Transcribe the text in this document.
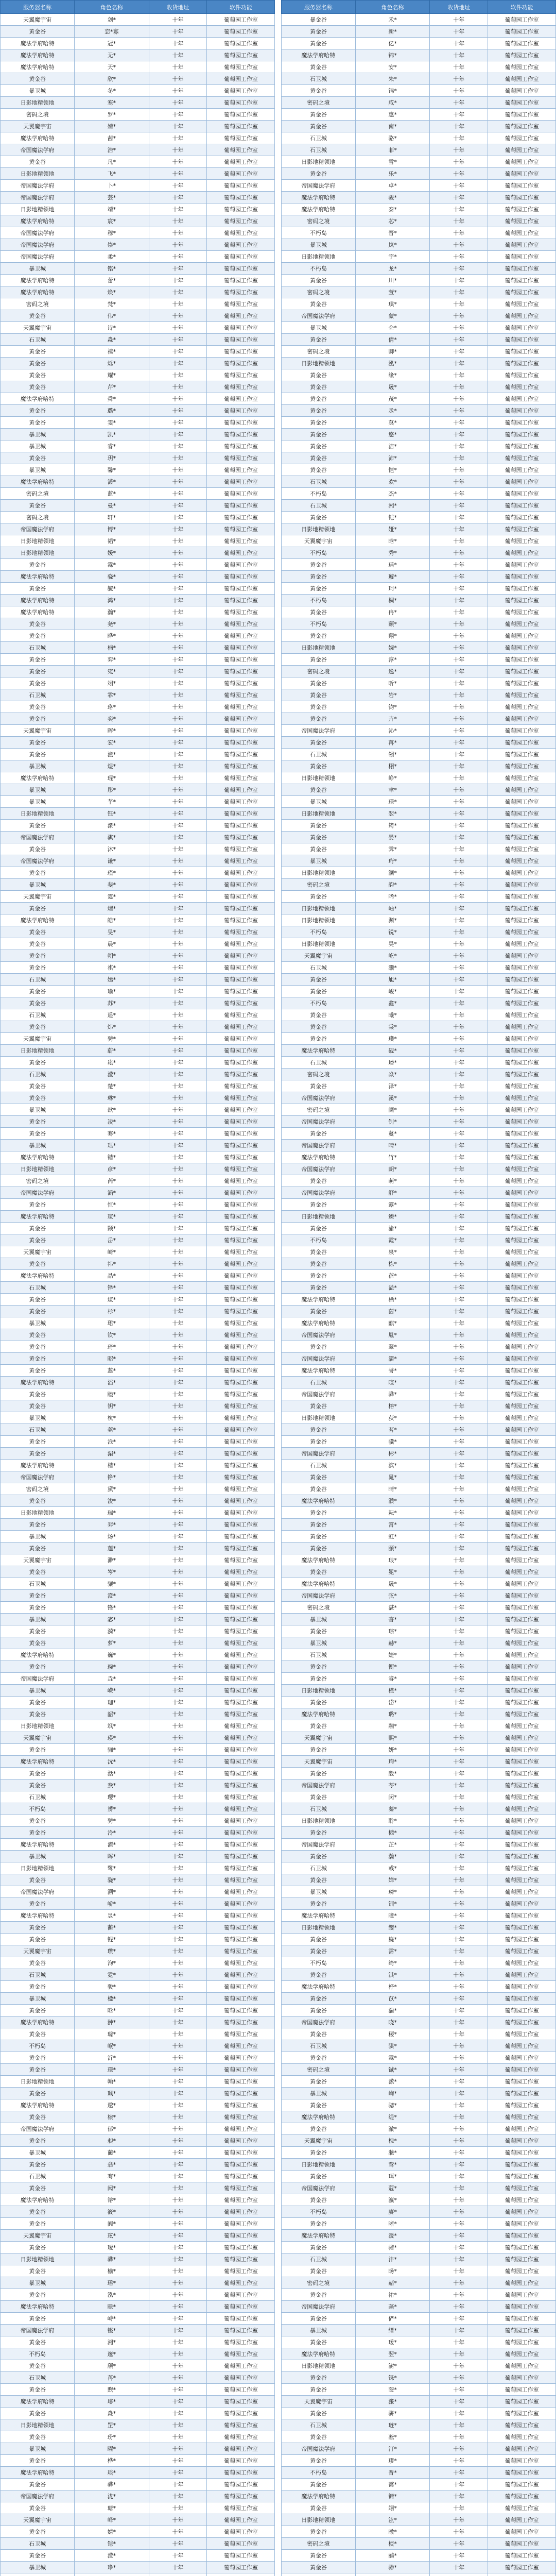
服务器名称	角色名称	收货地址	软件功能		服务器名称	角色名称	收货地址	软件功能
天翼魔宇宙	剑*	十年	葡萄园工作室		暴金谷	禾*	十年	葡萄园工作室
黄金谷	恋*寡	十年	葡萄园工作室		黄金谷	新*	十年	葡萄园工作室
魔法学府哈特	冠*	十年	葡萄园工作室		黄金谷	亿*	十年	葡萄园工作室
魔法学府哈特	无*	十年	葡萄园工作室		魔法学府哈特	锦*	十年	葡萄园工作室
魔法学府哈特	天*	十年	葡萄园工作室		黄金谷	安*	十年	葡萄园工作室
黄金谷	欣*	十年	葡萄园工作室		石卫城	朱*	十年	葡萄园工作室
暴卫城	冬*	十年	葡萄园工作室		黄金谷	锦*	十年	葡萄园工作室
日影地精领地	寒*	十年	葡萄园工作室		密码之境	咸*	十年	葡萄园工作室
密码之境	罗*	十年	葡萄园工作室		黄金谷	惠*	十年	葡萄园工作室
天翼魔宇宙	婧*	十年	葡萄园工作室		黄金谷	南*	十年	葡萄园工作室
魔法学府哈特	茜*	十年	葡萄园工作室		石卫城	骆*	十年	葡萄园工作室
帝国魔法学府	浩*	十年	葡萄园工作室		石卫城	菲*	十年	葡萄园工作室
黄金谷	凡*	十年	葡萄园工作室		日影地精领地	雪*	十年	葡萄园工作室
日影地精领地	飞*	十年	葡萄园工作室		黄金谷	乐*	十年	葡萄园工作室
帝国魔法学府	卜*	十年	葡萄园工作室		帝国魔法学府	卓*	十年	葡萄园工作室
帝国魔法学府	芸*	十年	葡萄园工作室		魔法学府哈特	骏*	十年	葡萄园工作室
日影地精领地	靖*	十年	葡萄园工作室		魔法学府哈特	泰*	十年	葡萄园工作室
魔法学府哈特	宸*	十年	葡萄园工作室		密码之境	芯*	十年	葡萄园工作室
帝国魔法学府	穆*	十年	葡萄园工作室		不朽岛	晋*	十年	葡萄园工作室
帝国魔法学府	崇*	十年	葡萄园工作室		暴卫城	岚*	十年	葡萄园工作室
帝国魔法学府	柔*	十年	葡萄园工作室		日影地精领地	宇*	十年	葡萄园工作室
暴卫城	铭*	十年	葡萄园工作室		不朽岛	龙*	十年	葡萄园工作室
魔法学府哈特	蕾*	十年	葡萄园工作室		黄金谷	川*	十年	葡萄园工作室
魔法学府哈特	焕*	十年	葡萄园工作室		密码之境	萱*	十年	葡萄园工作室
密码之境	梵*	十年	葡萄园工作室		黄金谷	琪*	十年	葡萄园工作室
黄金谷	伟*	十年	葡萄园工作室		帝国魔法学府	蒙*	十年	葡萄园工作室
天翼魔宇宙	诗*	十年	葡萄园工作室		暴卫城	仑*	十年	葡萄园工作室
石卫城	淼*	十年	葡萄园工作室		黄金谷	倩*	十年	葡萄园工作室
黄金谷	禧*	十年	葡萄园工作室		密码之境	卿*	十年	葡萄园工作室
黄金谷	烁*	十年	葡萄园工作室		日影地精领地	泓*	十年	葡萄园工作室
黄金谷	耀*	十年	葡萄园工作室		黄金谷	缘*	十年	葡萄园工作室
黄金谷	芹*	十年	葡萄园工作室		黄金谷	晟*	十年	葡萄园工作室
魔法学府哈特	舜*	十年	葡萄园工作室		黄金谷	茂*	十年	葡萄园工作室
黄金谷	璐*	十年	葡萄园工作室		黄金谷	丞*	十年	葡萄园工作室
黄金谷	雯*	十年	葡萄园工作室		黄金谷	莫*	十年	葡萄园工作室
暴卫城	凯*	十年	葡萄园工作室		黄金谷	悠*	十年	葡萄园工作室
暴卫城	睿*	十年	葡萄园工作室		黄金谷	洁*	十年	葡萄园工作室
黄金谷	玥*	十年	葡萄园工作室		黄金谷	沛*	十年	葡萄园工作室
暴卫城	馨*	十年	葡萄园工作室		黄金谷	恺*	十年	葡萄园工作室
魔法学府哈特	潇*	十年	葡萄园工作室		石卫城	欢*	十年	葡萄园工作室
密码之境	蓝*	十年	葡萄园工作室		不朽岛	杰*	十年	葡萄园工作室
黄金谷	曼*	十年	葡萄园工作室		石卫城	湘*	十年	葡萄园工作室
密码之境	轩*	十年	葡萄园工作室		黄金谷	铠*	十年	葡萄园工作室
帝国魔法学府	博*	十年	葡萄园工作室		日影地精领地	娅*	十年	葡萄园工作室
日影地精领地	韬*	十年	葡萄园工作室		天翼魔宇宙	晗*	十年	葡萄园工作室
日影地精领地	媛*	十年	葡萄园工作室		不朽岛	秀*	十年	葡萄园工作室
黄金谷	霖*	十年	葡萄园工作室		黄金谷	瑶*	十年	葡萄园工作室
魔法学府哈特	骁*	十年	葡萄园工作室		黄金谷	璇*	十年	葡萄园工作室
黄金谷	毓*	十年	葡萄园工作室		黄金谷	珂*	十年	葡萄园工作室
魔法学府哈特	鸿*	十年	葡萄园工作室		不朽岛	桐*	十年	葡萄园工作室
魔法学府哈特	瀚*	十年	葡萄园工作室		黄金谷	冉*	十年	葡萄园工作室
黄金谷	尧*	十年	葡萄园工作室		不朽岛	颖*	十年	葡萄园工作室
黄金谷	晔*	十年	葡萄园工作室		黄金谷	翔*	十年	葡萄园工作室
石卫城	楠*	十年	葡萄园工作室		日影地精领地	婉*	十年	葡萄园工作室
黄金谷	弈*	十年	葡萄园工作室		黄金谷	淳*	十年	葡萄园工作室
黄金谷	宛*	十年	葡萄园工作室		密码之境	逸*	十年	葡萄园工作室
黄金谷	翊*	十年	葡萄园工作室		黄金谷	昕*	十年	葡萄园工作室
石卫城	霏*	十年	葡萄园工作室		黄金谷	岩*	十年	葡萄园工作室
黄金谷	珞*	十年	葡萄园工作室		黄金谷	钧*	十年	葡萄园工作室
黄金谷	奕*	十年	葡萄园工作室		黄金谷	卉*	十年	葡萄园工作室
天翼魔宇宙	晖*	十年	葡萄园工作室		帝国魔法学府	沁*	十年	葡萄园工作室
黄金谷	宏*	十年	葡萄园工作室		黄金谷	苒*	十年	葡萄园工作室
黄金谷	潼*	十年	葡萄园工作室		石卫城	翎*	十年	葡萄园工作室
暴卫城	煜*	十年	葡萄园工作室		黄金谷	栩*	十年	葡萄园工作室
魔法学府哈特	琨*	十年	葡萄园工作室		日影地精领地	峥*	十年	葡萄园工作室
暴卫城	彤*	十年	葡萄园工作室		黄金谷	聿*	十年	葡萄园工作室
暴卫城	芊*	十年	葡萄园工作室		暴卫城	璟*	十年	葡萄园工作室
日影地精领地	钰*	十年	葡萄园工作室		日影地精领地	翌*	十年	葡萄园工作室
黄金谷	濛*	十年	葡萄园工作室		黄金谷	筠*	十年	葡萄园工作室
帝国魔法学府	骐*	十年	葡萄园工作室		黄金谷	晏*	十年	葡萄园工作室
黄金谷	沐*	十年	葡萄园工作室		黄金谷	霁*	十年	葡萄园工作室
帝国魔法学府	谦*	十年	葡萄园工作室		暴卫城	珩*	十年	葡萄园工作室
黄金谷	瑾*	十年	葡萄园工作室		日影地精领地	澜*	十年	葡萄园工作室
暴卫城	斐*	十年	葡萄园工作室		密码之境	韵*	十年	葡萄园工作室
天翼魔宇宙	霆*	十年	葡萄园工作室		黄金谷	晞*	十年	葡萄园工作室
黄金谷	熠*	十年	葡萄园工作室		日影地精领地	岫*	十年	葡萄园工作室
魔法学府哈特	皓*	十年	葡萄园工作室		日影地精领地	渊*	十年	葡萄园工作室
黄金谷	旻*	十年	葡萄园工作室		不朽岛	锐*	十年	葡萄园工作室
黄金谷	晨*	十年	葡萄园工作室		日影地精领地	昊*	十年	葡萄园工作室
黄金谷	朔*	十年	葡萄园工作室		天翼魔宇宙	屹*	十年	葡萄园工作室
黄金谷	祺*	十年	葡萄园工作室		石卫城	灏*	十年	葡萄园工作室
石卫城	嫣*	十年	葡萄园工作室		黄金谷	旭*	十年	葡萄园工作室
黄金谷	瑜*	十年	葡萄园工作室		黄金谷	峻*	十年	葡萄园工作室
黄金谷	苏*	十年	葡萄园工作室		不朽岛	鑫*	十年	葡萄园工作室
石卫城	遥*	十年	葡萄园工作室		黄金谷	曦*	十年	葡萄园工作室
黄金谷	炜*	十年	葡萄园工作室		黄金谷	棠*	十年	葡萄园工作室
天翼魔宇宙	骋*	十年	葡萄园工作室		黄金谷	璞*	十年	葡萄园工作室
日影地精领地	蔚*	十年	葡萄园工作室		魔法学府哈特	砚*	十年	葡萄园工作室
黄金谷	崧*	十年	葡萄园工作室		石卫城	璠*	十年	葡萄园工作室
石卫城	滢*	十年	葡萄园工作室		密码之境	焱*	十年	葡萄园工作室
黄金谷	楚*	十年	葡萄园工作室		黄金谷	泽*	十年	葡萄园工作室
黄金谷	琳*	十年	葡萄园工作室		帝国魔法学府	溪*	十年	葡萄园工作室
暴卫城	歆*	十年	葡萄园工作室		密码之境	阑*	十年	葡萄园工作室
黄金谷	凌*	十年	葡萄园工作室		帝国魔法学府	钊*	十年	葡萄园工作室
黄金谷	骞*	十年	葡萄园工作室		黄金谷	蔓*	十年	葡萄园工作室
暴卫城	珏*	十年	葡萄园工作室		帝国魔法学府	晴*	十年	葡萄园工作室
魔法学府哈特	锴*	十年	葡萄园工作室		魔法学府哈特	竹*	十年	葡萄园工作室
日影地精领地	彦*	十年	葡萄园工作室		帝国魔法学府	朗*	十年	葡萄园工作室
密码之境	芮*	十年	葡萄园工作室		黄金谷	萌*	十年	葡萄园工作室
帝国魔法学府	涵*	十年	葡萄园工作室		帝国魔法学府	舒*	十年	葡萄园工作室
黄金谷	恒*	十年	葡萄园工作室		黄金谷	露*	十年	葡萄园工作室
魔法学府哈特	瑄*	十年	葡萄园工作室		日影地精领地	臻*	十年	葡萄园工作室
黄金谷	颢*	十年	葡萄园工作室		黄金谷	渝*	十年	葡萄园工作室
黄金谷	岳*	十年	葡萄园工作室		不朽岛	霞*	十年	葡萄园工作室
天翼魔宇宙	崎*	十年	葡萄园工作室		黄金谷	泉*	十年	葡萄园工作室
黄金谷	祎*	十年	葡萄园工作室		黄金谷	栋*	十年	葡萄园工作室
魔法学府哈特	晶*	十年	葡萄园工作室		黄金谷	蓓*	十年	葡萄园工作室
石卫城	铎*	十年	葡萄园工作室		黄金谷	溢*	十年	葡萄园工作室
黄金谷	煊*	十年	葡萄园工作室		魔法学府哈特	栖*	十年	葡萄园工作室
黄金谷	杉*	十年	葡萄园工作室		黄金谷	茵*	十年	葡萄园工作室
暴卫城	珺*	十年	葡萄园工作室		魔法学府哈特	麒*	十年	葡萄园工作室
黄金谷	钦*	十年	葡萄园工作室		帝国魔法学府	胤*	十年	葡萄园工作室
黄金谷	琦*	十年	葡萄园工作室		黄金谷	翠*	十年	葡萄园工作室
黄金谷	昭*	十年	葡萄园工作室		帝国魔法学府	濡*	十年	葡萄园工作室
黄金谷	蕊*	十年	葡萄园工作室		魔法学府哈特	誉*	十年	葡萄园工作室
魔法学府哈特	滔*	十年	葡萄园工作室		石卫城	暄*	十年	葡萄园工作室
黄金谷	睦*	十年	葡萄园工作室		帝国魔法学府	骅*	十年	葡萄园工作室
黄金谷	钥*	十年	葡萄园工作室		黄金谷	榕*	十年	葡萄园工作室
暴卫城	杭*	十年	葡萄园工作室		日影地精领地	荻*	十年	葡萄园工作室
石卫城	莞*	十年	葡萄园工作室		黄金谷	茗*	十年	葡萄园工作室
黄金谷	沧*	十年	葡萄园工作室		黄金谷	骥*	十年	葡萄园工作室
黄金谷	湄*	十年	葡萄园工作室		帝国魔法学府	彬*	十年	葡萄园工作室
魔法学府哈特	楷*	十年	葡萄园工作室		石卫城	滨*	十年	葡萄园工作室
帝国魔法学府	铮*	十年	葡萄园工作室		黄金谷	晁*	十年	葡萄园工作室
密码之境	黛*	十年	葡萄园工作室		黄金谷	晴*	十年	葡萄园工作室
黄金谷	浚*	十年	葡萄园工作室		魔法学府哈特	濮*	十年	葡萄园工作室
日影地精领地	瑞*	十年	葡萄园工作室		黄金谷	耘*	十年	葡萄园工作室
黄金谷	羿*	十年	葡萄园工作室		黄金谷	霄*	十年	葡萄园工作室
暴卫城	炀*	十年	葡萄园工作室		黄金谷	虹*	十年	葡萄园工作室
黄金谷	莲*	十年	葡萄园工作室		黄金谷	颐*	十年	葡萄园工作室
天翼魔宇宙	渺*	十年	葡萄园工作室		魔法学府哈特	琅*	十年	葡萄园工作室
黄金谷	岑*	十年	葡萄园工作室		黄金谷	冕*	十年	葡萄园工作室
石卫城	骧*	十年	葡萄园工作室		魔法学府哈特	晟*	十年	葡萄园工作室
黄金谷	澄*	十年	葡萄园工作室		帝国魔法学府	弦*	十年	葡萄园工作室
黄金谷	锋*	十年	葡萄园工作室		密码之境	湛*	十年	葡萄园工作室
暴卫城	宓*	十年	葡萄园工作室		暴卫城	杳*	十年	葡萄园工作室
黄金谷	漪*	十年	葡萄园工作室		黄金谷	琮*	十年	葡萄园工作室
黄金谷	萝*	十年	葡萄园工作室		暴卫城	赫*	十年	葡萄园工作室
魔法学府哈特	巍*	十年	葡萄园工作室		石卫城	婕*	十年	葡萄园工作室
黄金谷	琬*	十年	葡萄园工作室		黄金谷	衡*	十年	葡萄园工作室
帝国魔法学府	垚*	十年	葡萄园工作室		黄金谷	睿*	十年	葡萄园工作室
暴卫城	嵘*	十年	葡萄园工作室		日影地精领地	槿*	十年	葡萄园工作室
黄金谷	珈*	十年	葡萄园工作室		黄金谷	岱*	十年	葡萄园工作室
黄金谷	韶*	十年	葡萄园工作室		魔法学府哈特	璐*	十年	葡萄园工作室
日影地精领地	飒*	十年	葡萄园工作室		黄金谷	翮*	十年	葡萄园工作室
天翼魔宇宙	瑛*	十年	葡萄园工作室		天翼魔宇宙	熙*	十年	葡萄园工作室
黄金谷	骊*	十年	葡萄园工作室		黄金谷	妍*	十年	葡萄园工作室
魔法学府哈特	沅*	十年	葡萄园工作室		天翼魔宇宙	珣*	十年	葡萄园工作室
黄金谷	湉*	十年	葡萄园工作室		黄金谷	殷*	十年	葡萄园工作室
黄金谷	焘*	十年	葡萄园工作室		帝国魔法学府	苓*	十年	葡萄园工作室
石卫城	璎*	十年	葡萄园工作室		黄金谷	闵*	十年	葡萄园工作室
不朽岛	赟*	十年	葡萄园工作室		石卫城	蓁*	十年	葡萄园工作室
黄金谷	骋*	十年	葡萄园工作室		日影地精领地	聆*	十年	葡萄园工作室
黄金谷	泠*	十年	葡萄园工作室		黄金谷	樾*	十年	葡萄园工作室
魔法学府哈特	濯*	十年	葡萄园工作室		帝国魔法学府	芷*	十年	葡萄园工作室
暴卫城	晖*	十年	葡萄园工作室		黄金谷	瀚*	十年	葡萄园工作室
日影地精领地	鹭*	十年	葡萄园工作室		石卫城	彧*	十年	葡萄园工作室
黄金谷	骁*	十年	葡萄园工作室		黄金谷	婵*	十年	葡萄园工作室
帝国魔法学府	溯*	十年	葡萄园工作室		暴卫城	璘*	十年	葡萄园工作室
黄金谷	峤*	十年	葡萄园工作室		黄金谷	钏*	十年	葡萄园工作室
魔法学府哈特	昱*	十年	葡萄园工作室		魔法学府哈特	曈*	十年	葡萄园工作室
黄金谷	蘅*	十年	葡萄园工作室		日影地精领地	缨*	十年	葡萄园工作室
黄金谷	锟*	十年	葡萄园工作室		黄金谷	嶷*	十年	葡萄园工作室
天翼魔宇宙	瓒*	十年	葡萄园工作室		黄金谷	霈*	十年	葡萄园工作室
黄金谷	洵*	十年	葡萄园工作室		不朽岛	绮*	十年	葡萄园工作室
石卫城	霓*	十年	葡萄园工作室		黄金谷	淇*	十年	葡萄园工作室
黄金谷	骏*	十年	葡萄园工作室		魔法学府哈特	杼*	十年	葡萄园工作室
暴卫城	楹*	十年	葡萄园工作室		黄金谷	苡*	十年	葡萄园工作室
黄金谷	晗*	十年	葡萄园工作室		黄金谷	湍*	十年	葡萄园工作室
魔法学府哈特	翀*	十年	葡萄园工作室		帝国魔法学府	晓*	十年	葡萄园工作室
黄金谷	璩*	十年	葡萄园工作室		黄金谷	稷*	十年	葡萄园工作室
不朽岛	岷*	十年	葡萄园工作室		石卫城	骐*	十年	葡萄园工作室
黄金谷	沂*	十年	葡萄园工作室		黄金谷	霖*	十年	葡萄园工作室
黄金谷	璟*	十年	葡萄园工作室		密码之境	铖*	十年	葡萄园工作室
日影地精领地	翰*	十年	葡萄园工作室		黄金谷	潆*	十年	葡萄园工作室
黄金谷	珮*	十年	葡萄园工作室		暴卫城	峋*	十年	葡萄园工作室
魔法学府哈特	邈*	十年	葡萄园工作室		黄金谷	骢*	十年	葡萄园工作室
黄金谷	棣*	十年	葡萄园工作室		魔法学府哈特	缇*	十年	葡萄园工作室
帝国魔法学府	郁*	十年	葡萄园工作室		黄金谷	澈*	十年	葡萄园工作室
黄金谷	昶*	十年	葡萄园工作室		天翼魔宇宙	槐*	十年	葡萄园工作室
暴卫城	蔺*	十年	葡萄园工作室		黄金谷	滟*	十年	葡萄园工作室
黄金谷	翕*	十年	葡萄园工作室		日影地精领地	鸾*	十年	葡萄园工作室
石卫城	骞*	十年	葡萄园工作室		黄金谷	珥*	十年	葡萄园工作室
黄金谷	闳*	十年	葡萄园工作室		帝国魔法学府	蔻*	十年	葡萄园工作室
魔法学府哈特	镕*	十年	葡萄园工作室		黄金谷	瀛*	十年	葡萄园工作室
黄金谷	筱*	十年	葡萄园工作室		不朽岛	赓*	十年	葡萄园工作室
黄金谷	阆*	十年	葡萄园工作室		黄金谷	晰*	十年	葡萄园工作室
天翼魔宇宙	玹*	十年	葡萄园工作室		魔法学府哈特	湲*	十年	葡萄园工作室
黄金谷	瑷*	十年	葡萄园工作室		黄金谷	骝*	十年	葡萄园工作室
日影地精领地	骅*	十年	葡萄园工作室		石卫城	沣*	十年	葡萄园工作室
黄金谷	榆*	十年	葡萄园工作室		黄金谷	旸*	十年	葡萄园工作室
暴卫城	璠*	十年	葡萄园工作室		密码之境	赭*	十年	葡萄园工作室
黄金谷	泓*	十年	葡萄园工作室		黄金谷	祐*	十年	葡萄园工作室
魔法学府哈特	暻*	十年	葡萄园工作室		帝国魔法学府	菡*	十年	葡萄园工作室
黄金谷	峙*	十年	葡萄园工作室		黄金谷	俨*	十年	葡萄园工作室
帝国魔法学府	铿*	十年	葡萄园工作室		暴卫城	缙*	十年	葡萄园工作室
黄金谷	湘*	十年	葡萄园工作室		黄金谷	瑗*	十年	葡萄园工作室
不朽岛	邃*	十年	葡萄园工作室		魔法学府哈特	翌*	十年	葡萄园工作室
黄金谷	颀*	十年	葡萄园工作室		日影地精领地	澍*	十年	葡萄园工作室
石卫城	苒*	十年	葡萄园工作室		黄金谷	铄*	十年	葡萄园工作室
黄金谷	煦*	十年	葡萄园工作室		黄金谷	蓥*	十年	葡萄园工作室
魔法学府哈特	璿*	十年	葡萄园工作室		天翼魔宇宙	濂*	十年	葡萄园工作室
黄金谷	淼*	十年	葡萄园工作室		黄金谷	骈*	十年	葡萄园工作室
日影地精领地	罡*	十年	葡萄园工作室		石卫城	琏*	十年	葡萄园工作室
黄金谷	玢*	十年	葡萄园工作室		黄金谷	凇*	十年	葡萄园工作室
暴卫城	曜*	十年	葡萄园工作室		帝国魔法学府	汀*	十年	葡萄园工作室
黄金谷	桦*	十年	葡萄园工作室		黄金谷	璆*	十年	葡萄园工作室
魔法学府哈特	琰*	十年	葡萄园工作室		不朽岛	晋*	十年	葡萄园工作室
黄金谷	骅*	十年	葡萄园工作室		黄金谷	霭*	十年	葡萄园工作室
帝国魔法学府	泷*	十年	葡萄园工作室		魔法学府哈特	镛*	十年	葡萄园工作室
黄金谷	瑭*	十年	葡萄园工作室		黄金谷	翊*	十年	葡萄园工作室
天翼魔宇宙	峄*	十年	葡萄园工作室		日影地精领地	泫*	十年	葡萄园工作室
黄金谷	婧*	十年	葡萄园工作室		黄金谷	暾*	十年	葡萄园工作室
石卫城	铠*	十年	葡萄园工作室		密码之境	棂*	十年	葡萄园工作室
黄金谷	滢*	十年	葡萄园工作室		黄金谷	鹂*	十年	葡萄园工作室
暴卫城	琤*	十年	葡萄园工作室		黄金谷	骖*	十年	葡萄园工作室
